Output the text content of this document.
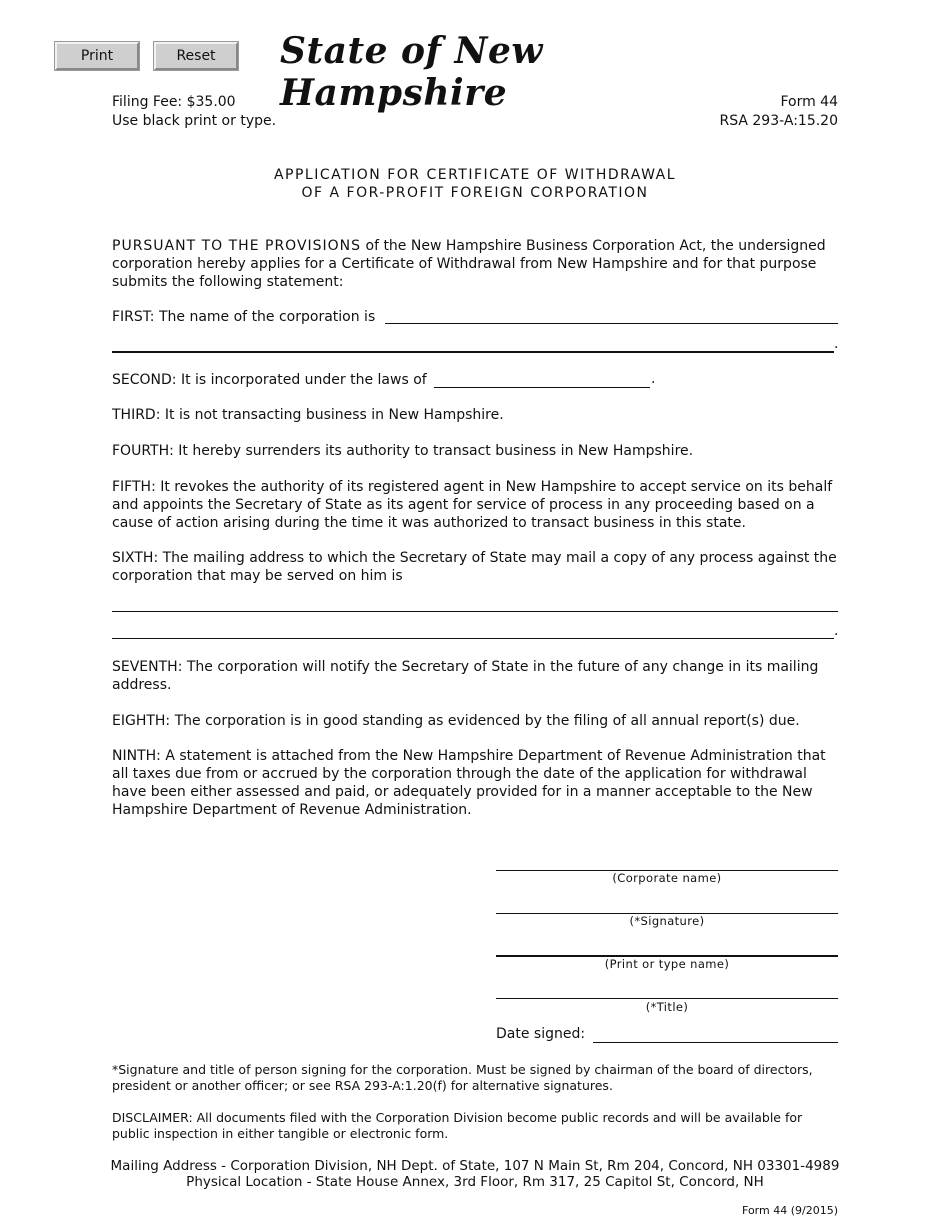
Print	Reset	State of New Hampshire
Filing Fee: $35.00
Use black print or type.
Form 44
RSA 293-A:15.20
APPLICATION FOR CERTIFICATE OF WITHDRAWAL
OF A FOR-PROFIT FOREIGN CORPORATION
PURSUANT TO THE PROVISIONS of the New Hampshire Business Corporation Act, the undersigned corporation hereby applies for a Certificate of Withdrawal from New Hampshire and for that purpose submits the following statement:
FIRST: The name of the corporation is
.
SECOND: It is incorporated under the laws of	.
THIRD: It is not transacting business in New Hampshire.
FOURTH: It hereby surrenders its authority to transact business in New Hampshire.
FIFTH: It revokes the authority of its registered agent in New Hampshire to accept service on its behalf and appoints the Secretary of State as its agent for service of process in any proceeding based on a cause of action arising during the time it was authorized to transact business in this state.
SIXTH: The mailing address to which the Secretary of State may mail a copy of any process against the corporation that may be served on him is
.
SEVENTH: The corporation will notify the Secretary of State in the future of any change in its mailing address.
EIGHTH: The corporation is in good standing as evidenced by the filing of all annual report(s) due.
NINTH: A statement is attached from the New Hampshire Department of Revenue Administration that all taxes due from or accrued by the corporation through the date of the application for withdrawal have been either assessed and paid, or adequately provided for in a manner acceptable to the New Hampshire Department of Revenue Administration.
(Corporate name)
(*Signature)
(Print or type name)
(*Title)
Date signed:
*Signature and title of person signing for the corporation. Must be signed by chairman of the board of directors, president or another officer; or see RSA 293-A:1.20(f) for alternative signatures.
DISCLAIMER: All documents filed with the Corporation Division become public records and will be available for public inspection in either tangible or electronic form.
Mailing Address - Corporation Division, NH Dept. of State, 107 N Main St, Rm 204, Concord, NH 03301-4989
Physical Location - State House Annex, 3rd Floor, Rm 317, 25 Capitol St, Concord, NH
Form 44 (9/2015)
